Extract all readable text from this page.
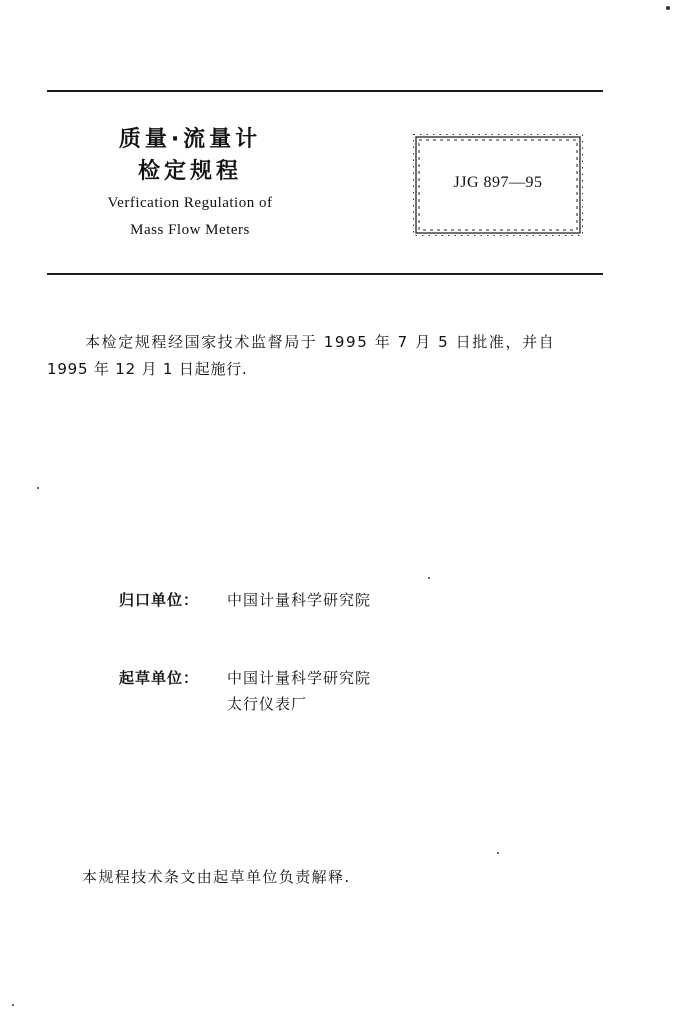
质量·流量计
检定规程
Verfication Regulation of
Mass Flow Meters
JJG 897—95
本检定规程经国家技术监督局于 1995 年 7 月 5 日批准，并自
1995 年 12 月 1 日起施行.
归口单位： 中国计量科学研究院
起草单位： 中国计量科学研究院
太行仪表厂
本规程技术条文由起草单位负责解释.
